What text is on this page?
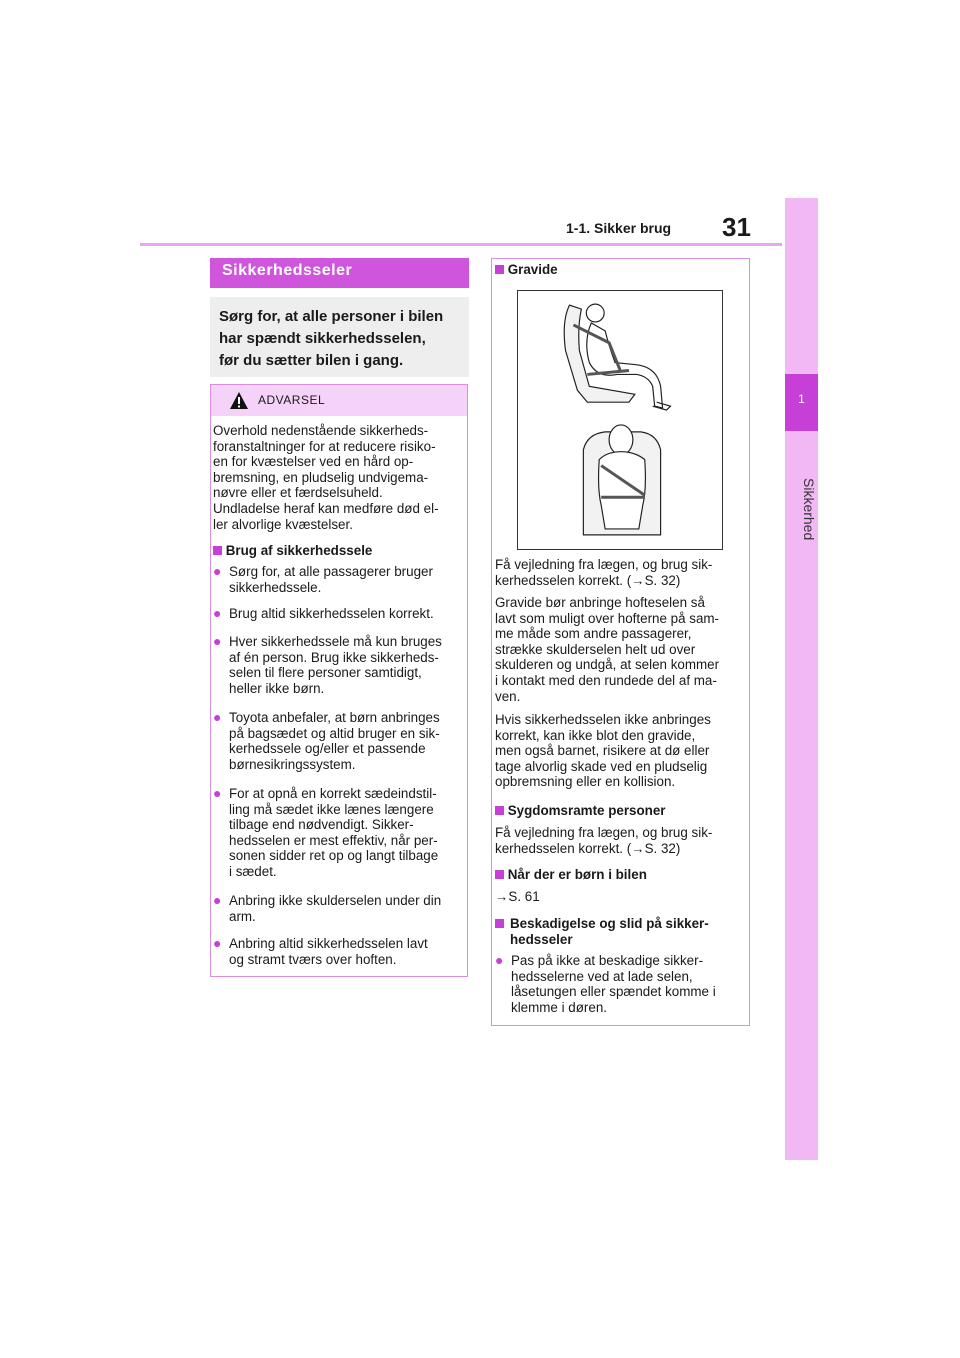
1-1. Sikker brug 31
1
Sikkerhed
Sikkerhedsseler
Sørg for, at alle personer i bilen
har spændt sikkerhedsselen,
før du sætter bilen i gang.
ADVARSEL
Overhold nedenstående sikkerheds-
foranstaltninger for at reducere risiko-
en for kvæstelser ved en hård op-
bremsning, en pludselig undvigema-
nøvre eller et færdselsuheld.
Undladelse heraf kan medføre død el-
ler alvorlige kvæstelser.
Brug af sikkerhedssele
● Sørg for, at alle passagerer bruger
sikkerhedssele.
● Brug altid sikkerhedsselen korrekt.
● Hver sikkerhedssele må kun bruges
af én person. Brug ikke sikkerheds-
selen til flere personer samtidigt,
heller ikke børn.
● Toyota anbefaler, at børn anbringes
på bagsædet og altid bruger en sik-
kerhedssele og/eller et passende
børnesikringssystem.
● For at opnå en korrekt sædeindstil-
ling må sædet ikke lænes længere
tilbage end nødvendigt. Sikker-
hedsselen er mest effektiv, når per-
sonen sidder ret op og langt tilbage
i sædet.
● Anbring ikke skulderselen under din
arm.
● Anbring altid sikkerhedsselen lavt
og stramt tværs over hoften.
Gravide
Få vejledning fra lægen, og brug sik-
kerhedsselen korrekt. (→S. 32)
Gravide bør anbringe hofteselen så
lavt som muligt over hofterne på sam-
me måde som andre passagerer,
strække skulderselen helt ud over
skulderen og undgå, at selen kommer
i kontakt med den rundede del af ma-
ven.
Hvis sikkerhedsselen ikke anbringes
korrekt, kan ikke blot den gravide,
men også barnet, risikere at dø eller
tage alvorlig skade ved en pludselig
opbremsning eller en kollision.
Sygdomsramte personer
Få vejledning fra lægen, og brug sik-
kerhedsselen korrekt. (→S. 32)
Når der er børn i bilen
→S. 61
Beskadigelse og slid på sikker-
hedsseler
● Pas på ikke at beskadige sikker-
hedsselerne ved at lade selen,
låsetungen eller spændet komme i
klemme i døren.
